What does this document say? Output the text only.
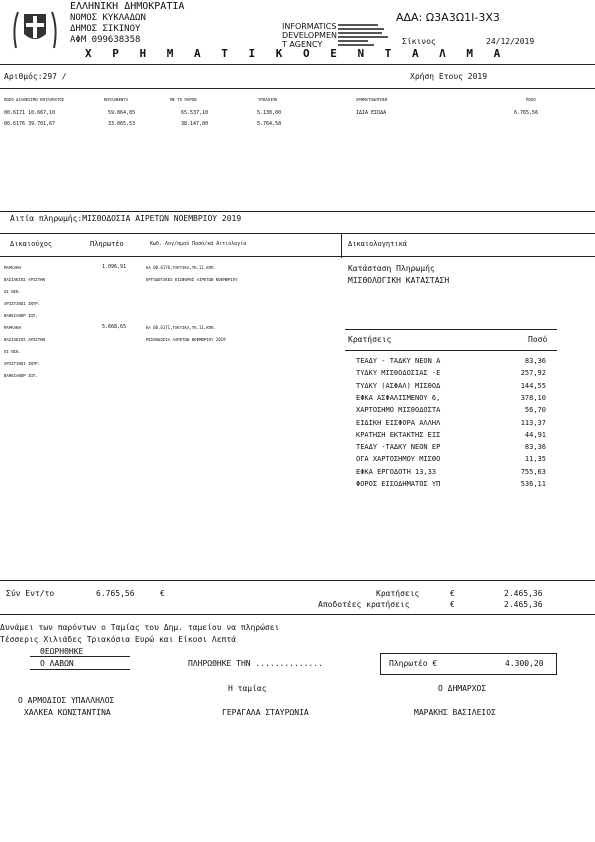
ΕΛΛΗΝΙΚΗ ΔΗΜΟΚΡΑΤΙΑ
ΝΟΜΟΣ ΚΥΚΛΑΔΩΝ
ΔΗΜΟΣ ΣΙΚΙΝΟΥ
ΑΦΜ 099638358
Χ Ρ Η Μ Α Τ Ι Κ Ο Ε Ν Τ Α Λ Μ Α
INFORMATICS
DEVELOPMEN
T AGENCY
ΑΔΑ: Ω3Α3Ω1Ι-3Χ3
Σίκινος	24/12/2019
Αριθμός:297 /	Χρήση Ετους 2019
ΠΟΣΟ ΔΙΑΘΕΣΙΜΟ ΕΝΤΑΛΜΑΤΟΣ	ΕΝΤΑΛΘΕΝΤΑ	ΜΕ ΤΟ ΠΑΡΟΝ	ΥΠΟΛΟΙΠΟ	ΧΡΗΜΑΤΟΔΟΤΗΣΗ	ΠΟΣΟ
00.6171 10.667,10	59.864,05	65.537,10	5.130,00	ΙΔΙΑ ΕΣΟΔΑ	6.765,56
00.6176 39.701,67	33.065,53	38.147,00	5.764,58
Αιτία πληρωμής:ΜΙΣΘΟΔΟΣΙΑ ΑΙΡΕΤΩΝ ΝΟΕΜΒΡΙΟΥ 2019
Δικαιούχος	Πληρωτέο	Κωδ. Λογ/σμού Ποσό/κά Αιτιολογία	Δικαιολογητικά
ΜΑΡΚΑΚΗ
ΒΑΣΙΛΕΙΟΣ ΑΡΙΣΤΗΝ
ΟΙ ΝΙΚ.
ΧΡΙΣΤΙΝΟΙ ΙΝΤΡ.
ΒΑΘΕΙΑΝΟΡ ΙΩΤ.
1.096,91	ΚΑ 00.6176,ΤΑΚΤΙΚΑ,ΤΚ,11,ΚΠΠ.
ΕΡΓΟΔΟΤΙΚΕΣ ΕΙΣΦΟΡΕΣ ΑΙΡΕΤΩΝ ΝΟΕΜΒΡΙΟΥ
ΜΑΡΚΑΚΗ
ΒΑΣΙΛΕΙΟΣ ΑΡΙΣΤΗΝ
ΟΙ ΝΙΚ.
ΧΡΙΣΤΙΝΟΙ ΙΝΤΡ.
ΒΑΘΕΙΑΝΟΡ ΙΩΤ.
5.668,65	ΚΑ 00.6171,ΤΑΚΤΙΚΑ,ΤΚ,11,ΚΠΠ.
ΜΙΣΘΟΔΟΣΙΑ ΑΙΡΕΤΩΝ ΝΟΕΜΒΡΙΟΥ 2019
Κατάσταση Πληρωμής
ΜΙΣΘΟΛΟΓΙΚΗ ΚΑΤΑΣΤΑΣΗ
Κρατήσεις	Ποσό
ΤΕΑΔΥ - ΤΑΔΚΥ ΝΕΟΝ Α	83,36
ΤΥΔΚΥ ΜΙΣΘΟΔΟΣΙΑΣ -Ε	257,92
ΤΥΔΚΥ (ΑΣΦΑΛ) ΜΙΣΘΟΔ	144,55
ΕΦΚΑ ΑΣΦΑΛΙΣΜΕΝΟΥ 6,	378,10
ΧΑΡΤΟΣΗΜΟ ΜΙΣΘΟΔΟΣΤΑ	56,70
ΕΙΔΙΚΗ ΕΙΣΦΟΡΑ ΑΛΛΗΛ	113,37
ΚΡΑΤΗΣΗ ΕΚΤΑΚΤΗΣ ΕΙΣ	44,91
ΤΕΑΔΥ -ΤΑΔΚΥ ΝΕΟΝ ΕΡ	83,36
ΟΓΑ ΧΑΡΤΟΣΗΜΟΥ ΜΙΣΘΟ	11,35
ΕΦΚΑ ΕΡΓΟΔΟΤΗ 13,33	755,63
ΦΟΡΟΣ ΕΙΣΟΔΗΜΑΤΟΣ ΥΠ	536,11
Σύν Εντ/το	6.765,56	€	Κρατήσεις	€	2.465,36
Αποδοτέες κρατήσεις	€	2.465,36
Δυνάμει των παρόντων ο Ταμίας του Δημ. ταμείου να πληρώσει
Τέσσερις Χιλιάδες Τριακόσια Ευρώ και Είκοσι Λεπτά
ΘΕΩΡΗΘΗΚΕ
Ο ΛΑΒΩΝ	ΠΛΗΡΩΘΗΚΕ ΤΗΝ ..............	Πληρωτέο €	4.300,20
Η ταμίας	Ο ΔΗΜΑΡΧΟΣ
Ο ΑΡΜΟΔΙΟΣ ΥΠΑΛΛΗΛΟΣ
ΧΑΛΚΕΑ ΚΩΝΣΤΑΝΤΙΝΑ	ΓΕΡΑΓΑΛΑ ΣΤΑΥΡΩΝΙΑ	ΜΑΡΑΚΗΣ ΒΑΣΙΛΕΙΟΣ
